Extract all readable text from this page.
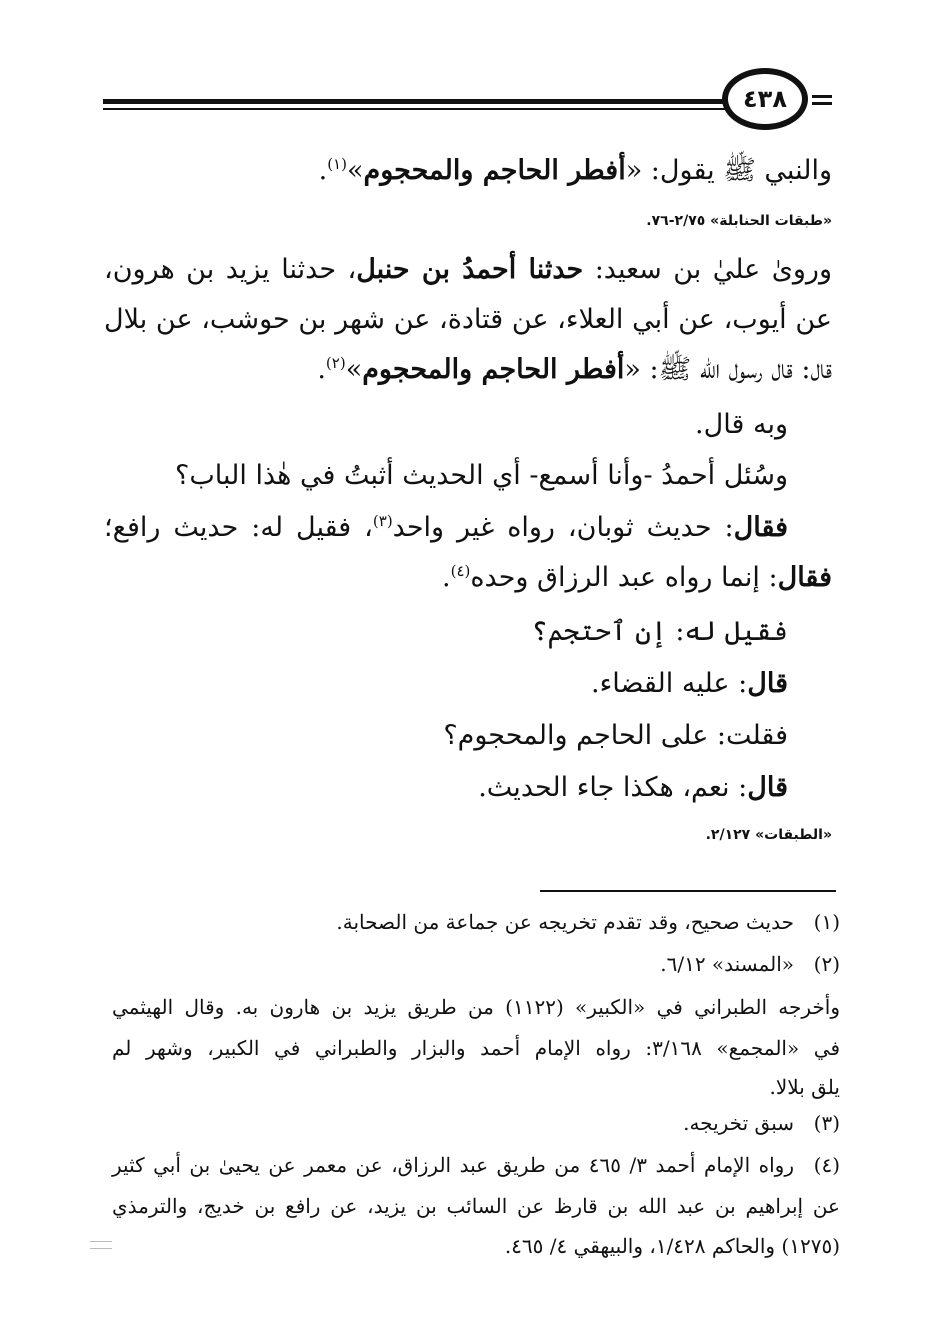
٤٣٨
والنبي ﷺ يقول: «أفطر الحاجم والمحجوم»$^{(١)}$.
«طبقات الحنابلة» ٢/٧٥-٧٦.
وروىٰ عليٰ بن سعيد: حدثنا أحمدُ بن حنبل، حدثنا يزيد بن هرون،
عن أيوب، عن أبي العلاء، عن قتادة، عن شهر بن حوشب، عن بلال
قال: قال رسول الله ﷺ: «أفطر الحاجم والمحجوم»$^{(٢)}$.
وبه قال.
وسُئل أحمدُ -وأنا أسمع- أي الحديث أثبتُ في هٰذا الباب؟
فقال: حديث ثوبان، رواه غير واحد$^{(٣)}$، فقيل له: حديث رافع؛
فقال: إنما رواه عبد الرزاق وحده$^{(٤)}$.
فقيل له: إن ٱحتجم؟
قال: عليه القضاء.
فقلت: على الحاجم والمحجوم؟
قال: نعم، هكذا جاء الحديث.
«الطبقات» ٢/١٢٧.
(١)
حديث صحيح، وقد تقدم تخريجه عن جماعة من الصحابة.
(٢)
«المسند» ٦/١٢.
وأخرجه الطبراني في «الكبير» (١١٢٢) من طريق يزيد بن هارون به. وقال الهيثمي
في «المجمع» ٣/١٦٨: رواه الإمام أحمد والبزار والطبراني في الكبير، وشهر لم
يلق بلالا.
(٣)
سبق تخريجه.
(٤)
رواه الإمام أحمد ٣/ ٤٦٥ من طريق عبد الرزاق، عن معمر عن يحيىٰ بن أبي كثير
عن إبراهيم بن عبد الله بن قارظ عن السائب بن يزيد، عن رافع بن خديج، والترمذي
(١٢٧٥) والحاكم ١/٤٢٨، والبيهقي ٤/ ٤٦٥.
